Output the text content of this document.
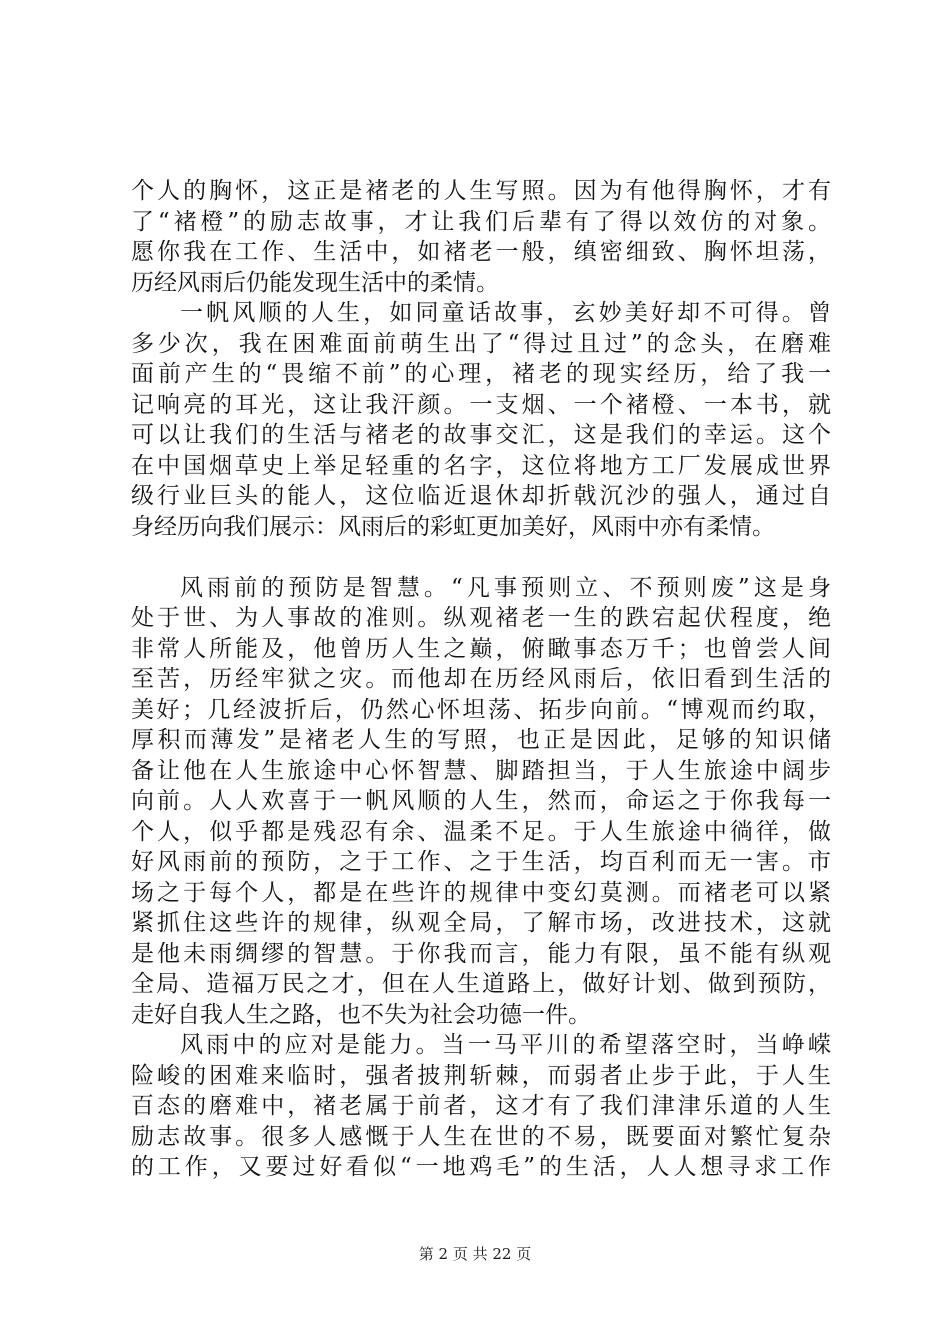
个人的胸怀，这正是褚老的人生写照。因为有他得胸怀，才有
了“褚橙”的励志故事，才让我们后辈有了得以效仿的对象。
愿你我在工作、生活中，如褚老一般，缜密细致、胸怀坦荡，
历经风雨后仍能发现生活中的柔情。
一帆风顺的人生，如同童话故事，玄妙美好却不可得。曾
多少次，我在困难面前萌生出了“得过且过”的念头，在磨难
面前产生的“畏缩不前”的心理，褚老的现实经历，给了我一
记响亮的耳光，这让我汗颜。一支烟、一个褚橙、一本书，就
可以让我们的生活与褚老的故事交汇，这是我们的幸运。这个
在中国烟草史上举足轻重的名字，这位将地方工厂发展成世界
级行业巨头的能人，这位临近退休却折戟沉沙的强人，通过自
身经历向我们展示：风雨后的彩虹更加美好，风雨中亦有柔情。
风雨前的预防是智慧。“凡事预则立、不预则废”这是身
处于世、为人事故的准则。纵观褚老一生的跌宕起伏程度，绝
非常人所能及，他曾历人生之巅，俯瞰事态万千；也曾尝人间
至苦，历经牢狱之灾。而他却在历经风雨后，依旧看到生活的
美好；几经波折后，仍然心怀坦荡、拓步向前。“博观而约取，
厚积而薄发”是褚老人生的写照，也正是因此，足够的知识储
备让他在人生旅途中心怀智慧、脚踏担当，于人生旅途中阔步
向前。人人欢喜于一帆风顺的人生，然而，命运之于你我每一
个人，似乎都是残忍有余、温柔不足。于人生旅途中徜徉，做
好风雨前的预防，之于工作、之于生活，均百利而无一害。市
场之于每个人，都是在些许的规律中变幻莫测。而褚老可以紧
紧抓住这些许的规律，纵观全局，了解市场，改进技术，这就
是他未雨绸缪的智慧。于你我而言，能力有限，虽不能有纵观
全局、造福万民之才，但在人生道路上，做好计划、做到预防，
走好自我人生之路，也不失为社会功德一件。
风雨中的应对是能力。当一马平川的希望落空时，当峥嵘
险峻的困难来临时，强者披荆斩棘，而弱者止步于此，于人生
百态的磨难中，褚老属于前者，这才有了我们津津乐道的人生
励志故事。很多人感慨于人生在世的不易，既要面对繁忙复杂
的工作，又要过好看似“一地鸡毛”的生活，人人想寻求工作
第 2 页 共 22 页
